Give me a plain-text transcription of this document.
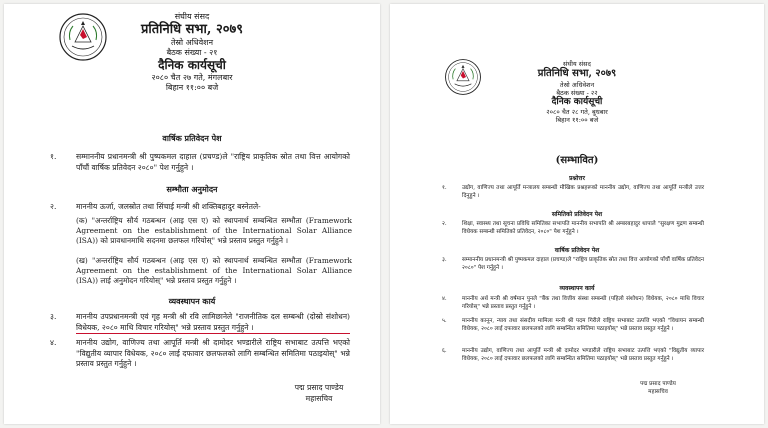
संघीय संसद
प्रतिनिधि सभा, २०७९
तेस्रो अधिवेशन
बैठक संख्या - २१
दैनिक कार्यसूची
२०८० चैत २७ गते, मंगलबार
बिहान ११:०० बजे
वार्षिक प्रतिवेदन पेश
१.	सम्माननीय प्रधानमन्त्री श्री पुष्पकमल दाहाल (प्रचण्ड)ले "राष्ट्रिय प्राकृतिक स्रोत तथा वित्त आयोगको पाँचौं वार्षिक प्रतिवेदन २०८०" पेश गर्नुहुने ।
सम्भौता अनुमोदन
२.	माननीय ऊर्जा, जलस्रोत तथा सिंचाई मन्त्री श्री शक्तिबहादुर बस्नेतले-
(क) "अन्तर्राष्ट्रिय सौर्य गठबन्धन (आइ एस ए) को स्थापनार्थ सम्बन्धित सम्भौता (Framework Agreement on the establishment of the International Solar Alliance (ISA)) को प्रावधानमाथि सदनमा छलफल गरियोस्" भन्ने प्रस्ताव प्रस्तुत गर्नुहुने ।
(ख) "अन्तर्राष्ट्रिय सौर्य गठबन्धन (आइ एस ए) को स्थापनार्थ सम्बन्धित सम्भौता (Framework Agreement on the establishment of the International Solar Alliance (ISA)) लाई अनुमोदन गरियोस्" भन्ने प्रस्ताव प्रस्तुत गर्नुहुने ।
व्यवस्थापन कार्य
३.	माननीय उपप्रधानमन्त्री एवं गृह मन्त्री श्री रवि लामिछानेले "राजनीतिक दल सम्बन्धी (दोस्रो संशोधन) विधेयक, २०८० माथि विचार गरियोस्" भन्ने प्रस्ताव प्रस्तुत गर्नुहुने ।
४.	माननीय उद्योग, वाणिज्य तथा आपूर्ति मन्त्री श्री दामोदर भण्डारीले राष्ट्रिय सभाबाट उत्पत्ति भएको "विद्युतीय व्यापार विधेयक, २०८० लाई दफावार छलफलको लागि सम्बन्धित समितिमा पठाइयोस्" भन्ने प्रस्ताव प्रस्तुत गर्नुहुने ।
पद्म प्रसाद पाण्डेय
महासचिव
संघीय संसद
प्रतिनिधि सभा, २०७९
तेस्रो अधिवेशन
बैठक संख्या - २२
दैनिक कार्यसूची
२०८० चैत २८ गते, बुधबार
बिहान ११:०० बजे
(सम्भावित)
प्रश्नोत्तर
१.	उद्योग, वाणिज्य तथा आपूर्ति मन्त्रालय सम्बन्धी मौखिक प्रश्नहरूको माननीय उद्योग, वाणिज्य तथा आपूर्ति मन्त्रीले उत्तर दिनुहुने ।
समितिको प्रतिवेदन पेश
२.	शिक्षा, स्वास्थ्य तथा सूचना प्रविधि समितिका सभापति माननीय सभापति श्री अम्बरबहादुर थापाले "सुरक्षण मुद्रण सम्बन्धी विधेयक सम्बन्धी समितिको प्रतिवेदन, २०८०" पेश गर्नुहुने ।
वार्षिक प्रतिवेदन पेश
३.	सम्माननीय प्रधानमन्त्री श्री पुष्पकमल दाहाल (प्रचण्ड)ले "राष्ट्रिय प्राकृतिक स्रोत तथा वित्त आयोगको पाँचौं वार्षिक प्रतिवेदन २०८०" पेश गर्नुहुने ।
व्यवस्थापन कार्य
४.	माननीय अर्थ मन्त्री श्री वर्षमान पुनले "बैंक तथा वित्तीय संस्था सम्बन्धी (पहिलो संशोधन) विधेयक, २०८० माथि विचार गरियोस्" भन्ने प्रस्ताव प्रस्तुत गर्नुहुने ।
५.	माननीय कानून, न्याय तथा संसदीय मामिला मन्त्री श्री पदम गिरीले राष्ट्रिय सभाबाट उत्पत्ति भएको "विधायन सम्बन्धी विधेयक, २०८० लाई दफावार छलफलको लागि सम्बन्धित समितिमा पठाइयोस्" भन्ने प्रस्ताव प्रस्तुत गर्नुहुने ।
६.	माननीय उद्योग, वाणिज्य तथा आपूर्ति मन्त्री श्री दामोदर भण्डारीले राष्ट्रिय सभाबाट उत्पत्ति भएको "विद्युतीय व्यापार विधेयक, २०८० लाई दफावार छलफलको लागि सम्बन्धित समितिमा पठाइयोस्" भन्ने प्रस्ताव प्रस्तुत गर्नुहुने ।
पद्म प्रसाद पाण्डेय
महासचिव
